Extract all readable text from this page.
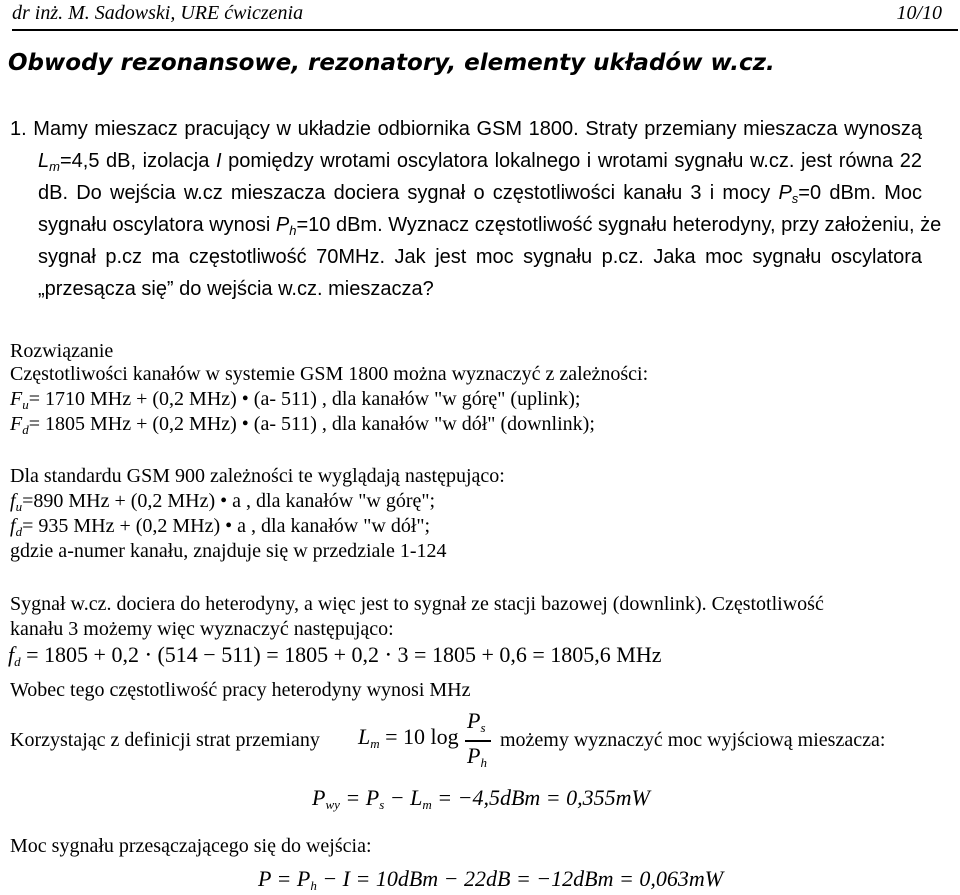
dr inż. M. Sadowski, URE ćwiczenia	10/10
Obwody rezonansowe, rezonatory, elementy układów w.cz.
1. Mamy mieszacz pracujący w układzie odbiornika GSM 1800. Straty przemiany mieszacza wynoszą
$L_m=4,5$ dB, izolacja I pomiędzy wrotami oscylatora lokalnego i wrotami sygnału w.cz. jest równa 22
dB. Do wejścia w.cz mieszacza dociera sygnał o częstotliwości kanału 3 i mocy $P_s=0$ dBm. Moc
sygnału oscylatora wynosi $P_h=10$ dBm. Wyznacz częstotliwość sygnału heterodyny, przy założeniu, że
sygnał p.cz ma częstotliwość 70MHz. Jak jest moc sygnału p.cz. Jaka moc sygnału oscylatora
„przesącza się” do wejścia w.cz. mieszacza?
Rozwiązanie
Częstotliwości kanałów w systemie GSM 1800 można wyznaczyć z zależności:
$F_u= 1710$ MHz + (0,2 MHz) • (a- 511) , dla kanałów "w górę" (uplink);
$F_d= 1805$ MHz + (0,2 MHz) • (a- 511) , dla kanałów "w dół" (downlink);
Dla standardu GSM 900 zależności te wyglądają następująco:
$f_u=890$ MHz + (0,2 MHz) • a , dla kanałów "w górę";
$f_d= 935$ MHz + (0,2 MHz) • a , dla kanałów "w dół";
gdzie a-numer kanału, znajduje się w przedziale 1-124
Sygnał w.cz. dociera do heterodyny, a więc jest to sygnał ze stacji bazowej (downlink). Częstotliwość
kanału 3 możemy więc wyznaczyć następująco:
$f_d = 1805 + 0,2 \cdot (514 - 511) = 1805 + 0,2 \cdot 3 = 1805 + 0,6 = 1805,6$ MHz
Wobec tego częstotliwość pracy heterodyny wynosi MHz
Korzystając z definicji strat przemiany $L_m = 10$ log
$P_s$
$P_h$
możemy wyznaczyć moc wyjściową mieszacza:
$P_{wy} = P_s - L_m = -4,5dBm = 0,355mW$
Moc sygnału przesączającego się do wejścia:
$P = P_h - I = 10dBm - 22dB = -12dBm = 0,063mW$
